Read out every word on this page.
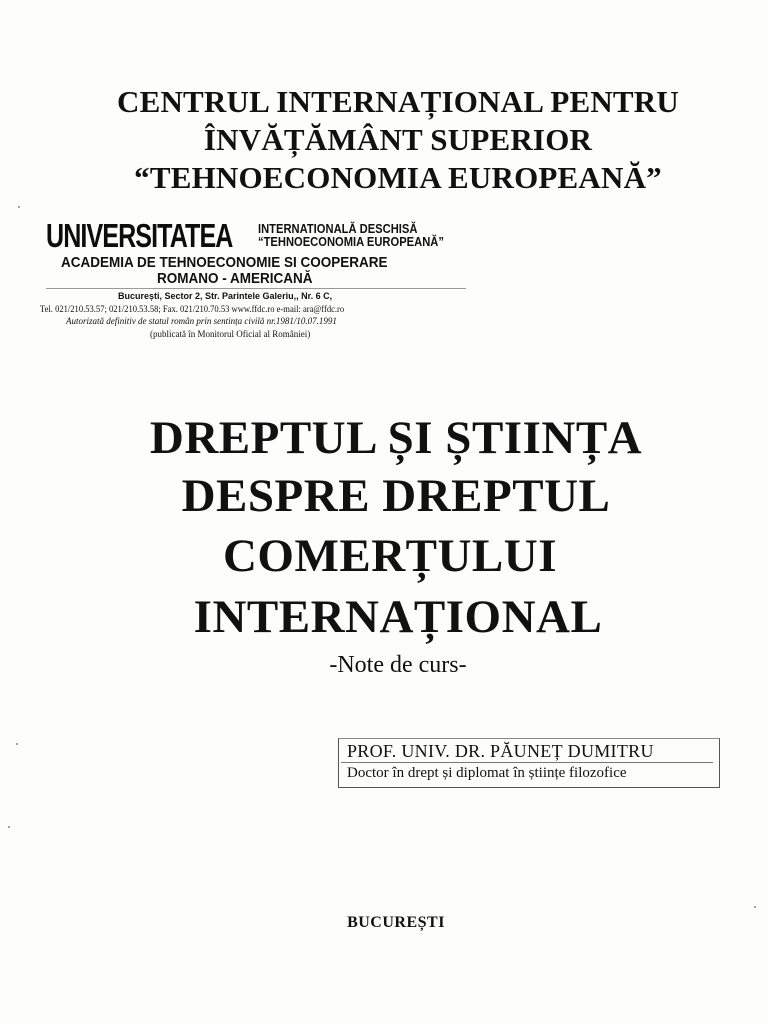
CENTRUL INTERNAȚIONAL PENTRU
ÎNVĂȚĂMÂNT SUPERIOR
“TEHNOECONOMIA EUROPEANĂ”
UNIVERSITATEA INTERNATIONALĂ DESCHISĂ
“TEHNOECONOMIA EUROPEANĂ”
ACADEMIA DE TEHNOECONOMIE SI COOPERARE
ROMANO - AMERICANĂ
București, Sector 2, Str. Parintele Galeriu,, Nr. 6 C,
Tel. 021/210.53.57; 021/210.53.58; Fax. 021/210.70.53 www.ffdc.ro e-mail: ara@ffdc.ro
Autorizată definitiv de statul român prin sentința civilă nr.1981/10.07.1991
(publicată în Monitorul Oficial al României)
DREPTUL ȘI ȘTIINȚA
DESPRE DREPTUL
COMERȚULUI
INTERNAȚIONAL
-Note de curs-
PROF. UNIV. DR. PĂUNEȚ DUMITRU
Doctor în drept și diplomat în științe filozofice
BUCUREȘTI
